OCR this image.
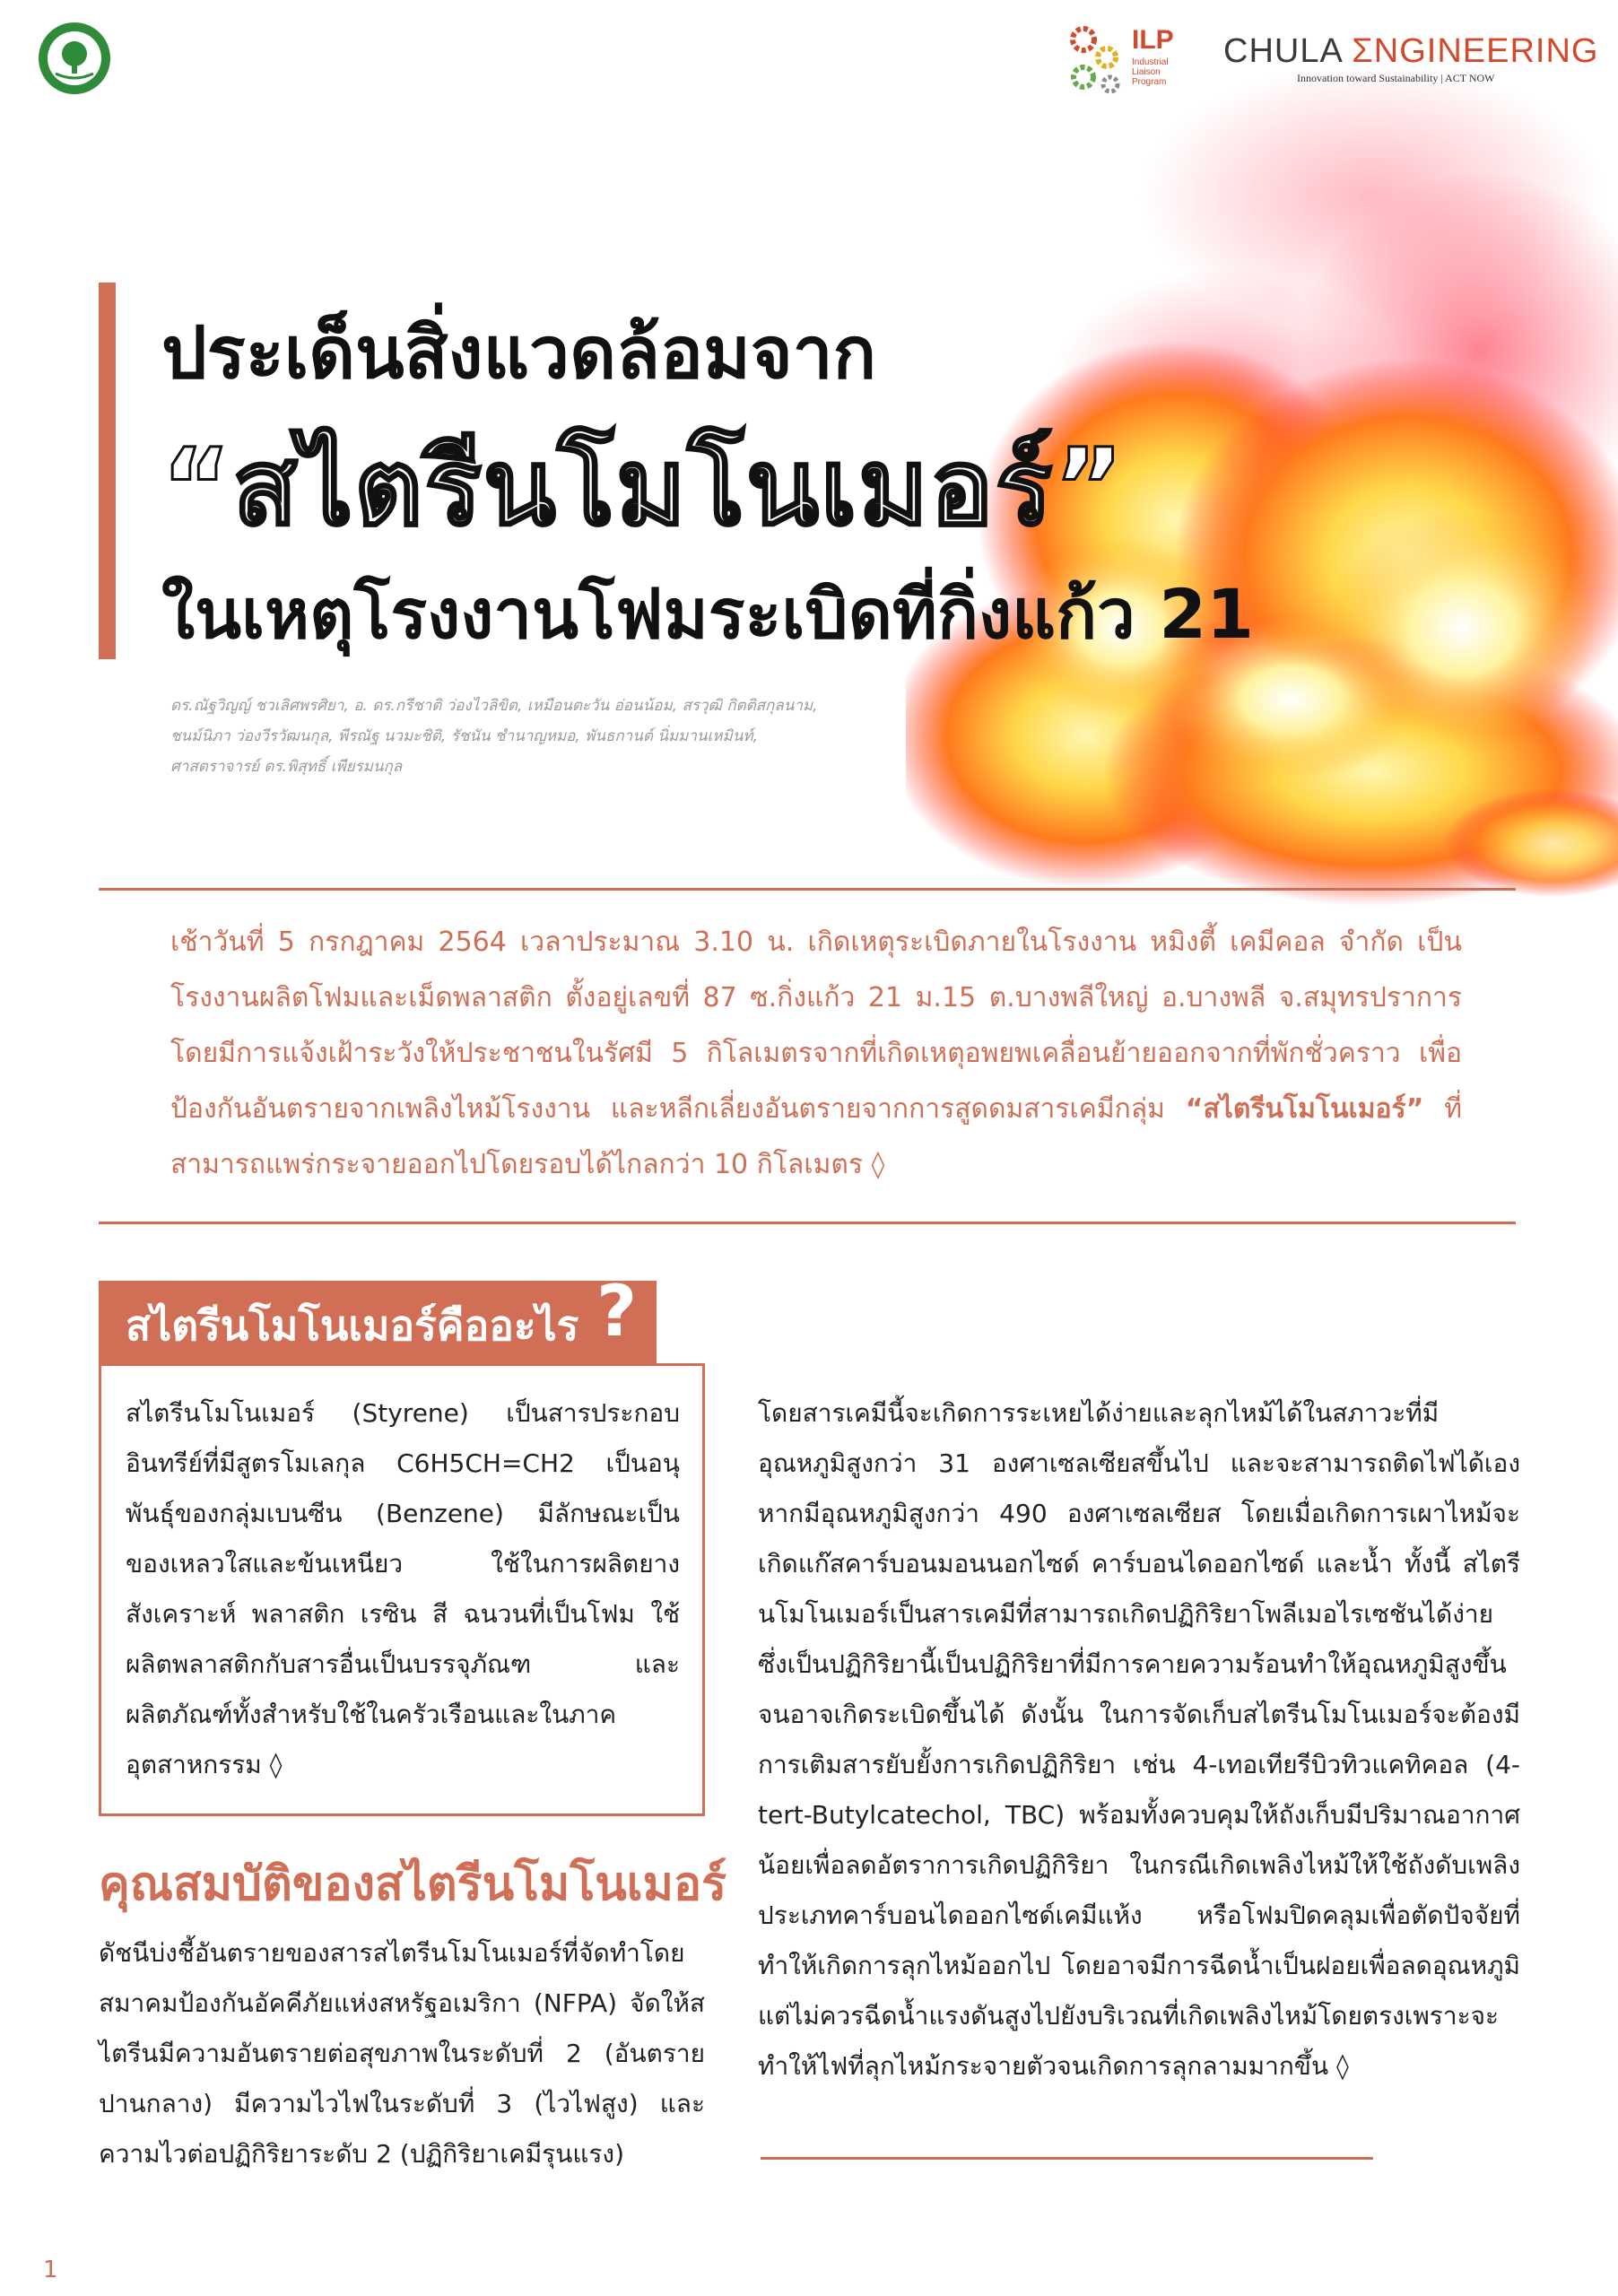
ILP
Industrial Liaison Program
CHULA ΣNGINEERING
Innovation toward Sustainability | ACT NOW
ประเด็นสิ่งแวดล้อมจาก
“สไตรีนโมโนเมอร์”
ในเหตุโรงงานโฟมระเบิดที่กิ่งแก้ว 21
ดร.ณัฐวิญญ์ ชวเลิศพรศิยา, อ. ดร.กรีชาติ ว่องไวลิขิต, เหมือนตะวัน อ่อนน้อม, สรวุฒิ กิตติสกุลนาม,
ชนม์นิภา ว่องวีรวัฒนกุล, พีรณัฐ นวมะชิติ, รัชนัน ชำนาญหมอ, พันธกานต์ นิ่มมานเหมินท์,
ศาสตราจารย์ ดร.พิสุทธิ์ เพียรมนกุล
เช้าวันที่ 5 กรกฎาคม 2564 เวลาประมาณ 3.10 น. เกิดเหตุระเบิดภายในโรงงาน หมิงตี้ เคมีคอล จำกัด เป็นโรงงานผลิตโฟมและเม็ดพลาสติก ตั้งอยู่เลขที่ 87 ซ.กิ่งแก้ว 21 ม.15 ต.บางพลีใหญ่ อ.บางพลี จ.สมุทรปราการ โดยมีการแจ้งเฝ้าระวังให้ประชาชนในรัศมี 5 กิโลเมตรจากที่เกิดเหตุอพยพเคลื่อนย้ายออกจากที่พักชั่วคราว เพื่อป้องกันอันตรายจากเพลิงไหม้โรงงาน และหลีกเลี่ยงอันตรายจากการสูดดมสารเคมีกลุ่ม “สไตรีนโมโนเมอร์” ที่สามารถแพร่กระจายออกไปโดยรอบได้ไกลกว่า 10 กิโลเมตร ◊
สไตรีนโมโนเมอร์คืออะไร ?
สไตรีนโมโนเมอร์ (Styrene) เป็นสารประกอบอินทรีย์ที่มีสูตรโมเลกุล C6H5CH=CH2 เป็นอนุพันธุ์ของกลุ่มเบนซีน (Benzene) มีลักษณะเป็นของเหลวใสและข้นเหนียว ใช้ในการผลิตยางสังเคราะห์ พลาสติก เรซิน สี ฉนวนที่เป็นโฟม ใช้ผลิตพลาสติกกับสารอื่นเป็นบรรจุภัณฑ และผลิตภัณฑ์ทั้งสำหรับใช้ในครัวเรือนและในภาคอุตสาหกรรม ◊
คุณสมบัติของสไตรีนโมโนเมอร์
ดัชนีบ่งชี้อันตรายของสารสไตรีนโมโนเมอร์ที่จัดทำโดยสมาคมป้องกันอัคคีภัยแห่งสหรัฐอเมริกา (NFPA) จัดให้สไตรีนมีความอันตรายต่อสุขภาพในระดับที่ 2 (อันตรายปานกลาง) มีความไวไฟในระดับที่ 3 (ไวไฟสูง) และความไวต่อปฏิกิริยาระดับ 2 (ปฏิกิริยาเคมีรุนแรง)
โดยสารเคมีนี้จะเกิดการระเหยได้ง่ายและลุกไหม้ได้ในสภาวะที่มีอุณหภูมิสูงกว่า 31 องศาเซลเซียสขึ้นไป และจะสามารถติดไฟได้เองหากมีอุณหภูมิสูงกว่า 490 องศาเซลเซียส โดยเมื่อเกิดการเผาไหม้จะเกิดแก๊สคาร์บอนมอนนอกไซด์ คาร์บอนไดออกไซด์ และน้ำ ทั้งนี้ สไตรีนโมโนเมอร์เป็นสารเคมีที่สามารถเกิดปฏิกิริยาโพลีเมอไรเซชันได้ง่าย ซึ่งเป็นปฏิกิริยานี้เป็นปฏิกิริยาที่มีการคายความร้อนทำให้อุณหภูมิสูงขึ้นจนอาจเกิดระเบิดขึ้นได้ ดังนั้น ในการจัดเก็บสไตรีนโมโนเมอร์จะต้องมีการเติมสารยับยั้งการเกิดปฏิกิริยา เช่น 4-เทอเทียรีบิวทิวแคทิคอล (4-tert-Butylcatechol, TBC) พร้อมทั้งควบคุมให้ถังเก็บมีปริมาณอากาศน้อยเพื่อลดอัตราการเกิดปฏิกิริยา ในกรณีเกิดเพลิงไหม้ให้ใช้ถังดับเพลิงประเภทคาร์บอนไดออกไซด์เคมีแห้ง หรือโฟมปิดคลุมเพื่อตัดปัจจัยที่ทำให้เกิดการลุกไหม้ออกไป โดยอาจมีการฉีดน้ำเป็นฝอยเพื่อลดอุณหภูมิ แต่ไม่ควรฉีดน้ำแรงดันสูงไปยังบริเวณที่เกิดเพลิงไหม้โดยตรงเพราะจะทำให้ไฟที่ลุกไหม้กระจายตัวจนเกิดการลุกลามมากขึ้น ◊
1
